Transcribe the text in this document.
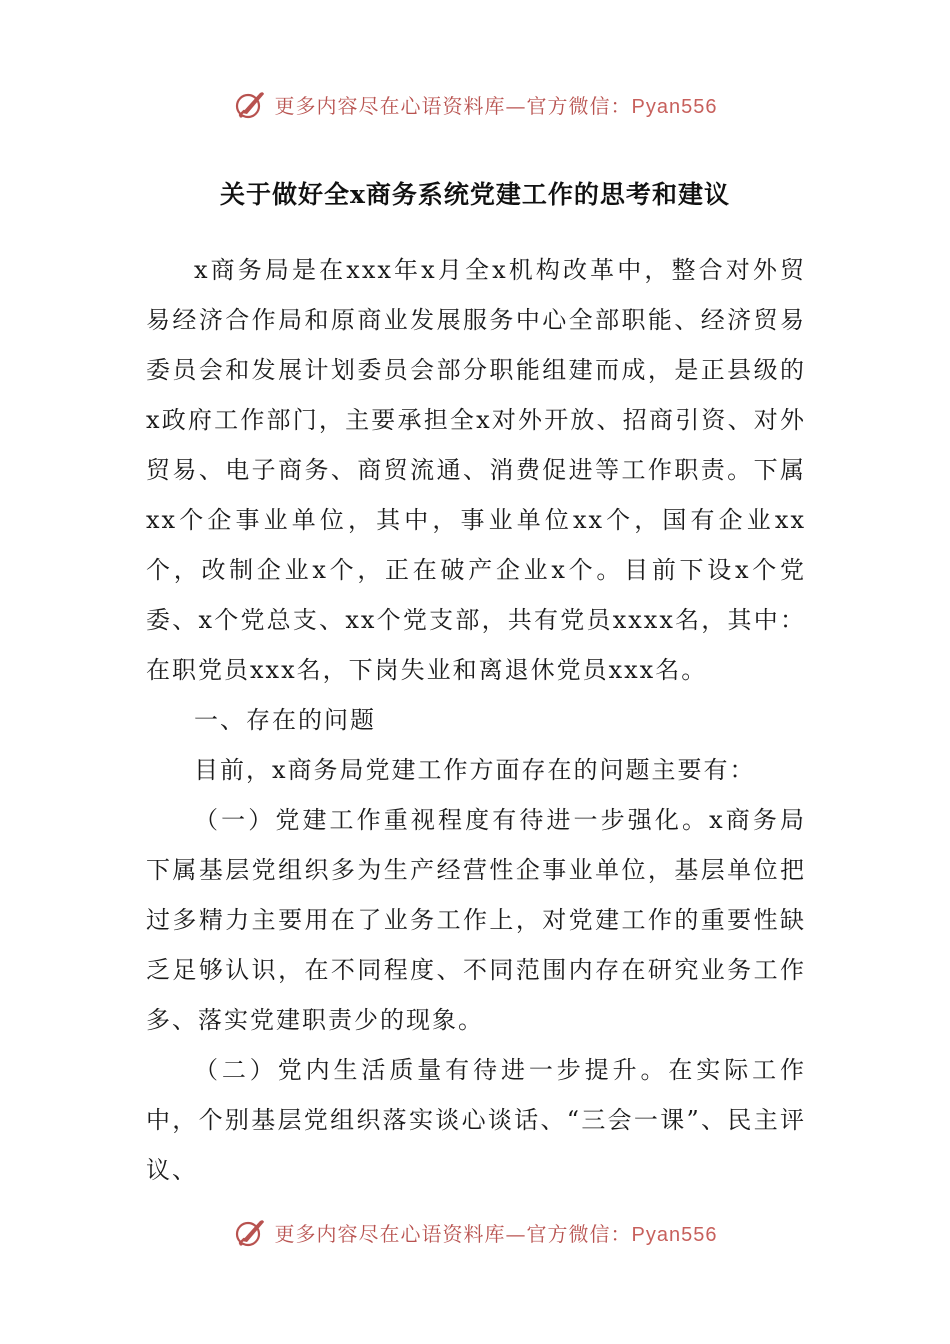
更多内容尽在心语资料库—官方微信：Pyan556
关于做好全x商务系统党建工作的思考和建议

x商务局是在xxx年x月全x机构改革中，整合对外贸易经济合作局和原商业发展服务中心全部职能、经济贸易委员会和发展计划委员会部分职能组建而成，是正县级的x政府工作部门，主要承担全x对外开放、招商引资、对外贸易、电子商务、商贸流通、消费促进等工作职责。下属xx个企事业单位，其中，事业单位xx个，国有企业xx个，改制企业x个，正在破产企业x个。目前下设x个党委、x个党总支、xx个党支部，共有党员xxxx名，其中：在职党员xxx名，下岗失业和离退休党员xxx名。

一、存在的问题

目前，x商务局党建工作方面存在的问题主要有：

（一）党建工作重视程度有待进一步强化。x商务局下属基层党组织多为生产经营性企事业单位，基层单位把过多精力主要用在了业务工作上，对党建工作的重要性缺乏足够认识，在不同程度、不同范围内存在研究业务工作多、落实党建职责少的现象。

（二）党内生活质量有待进一步提升。在实际工作中，个别基层党组织落实谈心谈话、“三会一课”、民主评议、

更多内容尽在心语资料库—官方微信：Pyan556
